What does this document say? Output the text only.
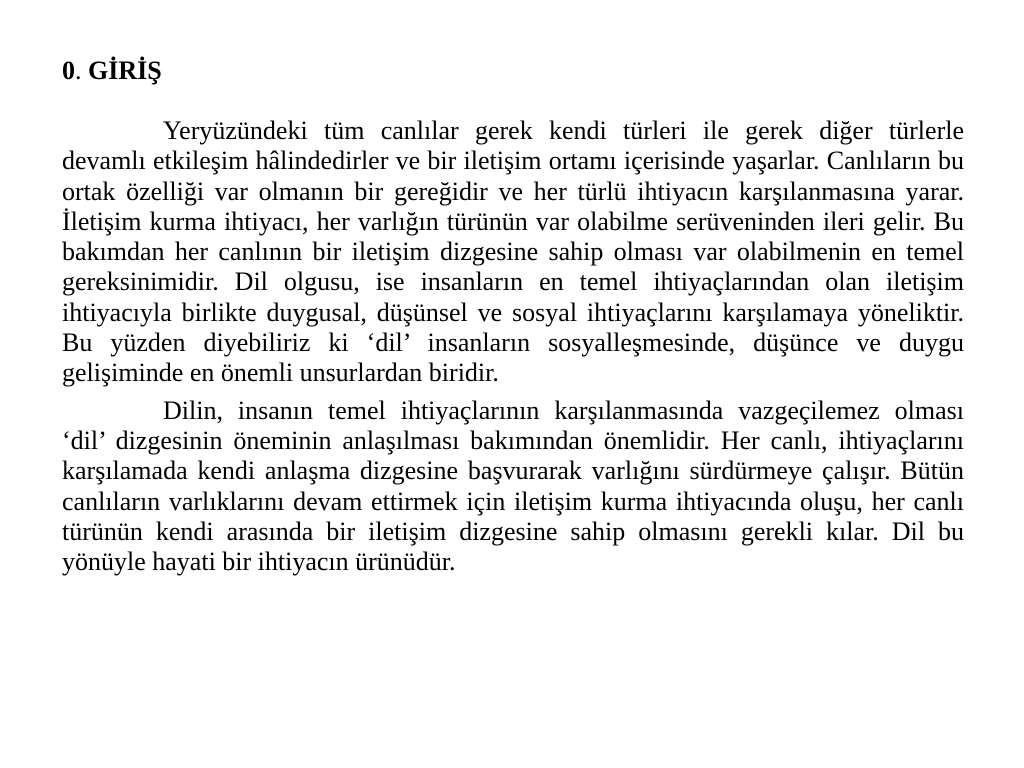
0. GİRİŞ

Yeryüzündeki tüm canlılar gerek kendi türleri ile gerek diğer türlerle devamlı etkileşim hâlindedirler ve bir iletişim ortamı içerisinde yaşarlar. Canlıların bu ortak özelliği var olmanın bir gereğidir ve her türlü ihtiyacın karşılanmasına yarar. İletişim kurma ihtiyacı, her varlığın türünün var olabilme serüveninden ileri gelir. Bu bakımdan her canlının bir iletişim dizgesine sahip olması var olabilmenin en temel gereksinimidir. Dil olgusu, ise insanların en temel ihtiyaçlarından olan iletişim ihtiyacıyla birlikte duygusal, düşünsel ve sosyal ihtiyaçlarını karşılamaya yöneliktir. Bu yüzden diyebiliriz ki ‘dil’ insanların sosyalleşmesinde, düşünce ve duygu gelişiminde en önemli unsurlardan biridir.

Dilin, insanın temel ihtiyaçlarının karşılanmasında vazgeçilemez olması ‘dil’ dizgesinin öneminin anlaşılması bakımından önemlidir. Her canlı, ihtiyaçlarını karşılamada kendi anlaşma dizgesine başvurarak varlığını sürdürmeye çalışır. Bütün canlıların varlıklarını devam ettirmek için iletişim kurma ihtiyacında oluşu, her canlı türünün kendi arasında bir iletişim dizgesine sahip olmasını gerekli kılar. Dil bu yönüyle hayati bir ihtiyacın ürünüdür.
